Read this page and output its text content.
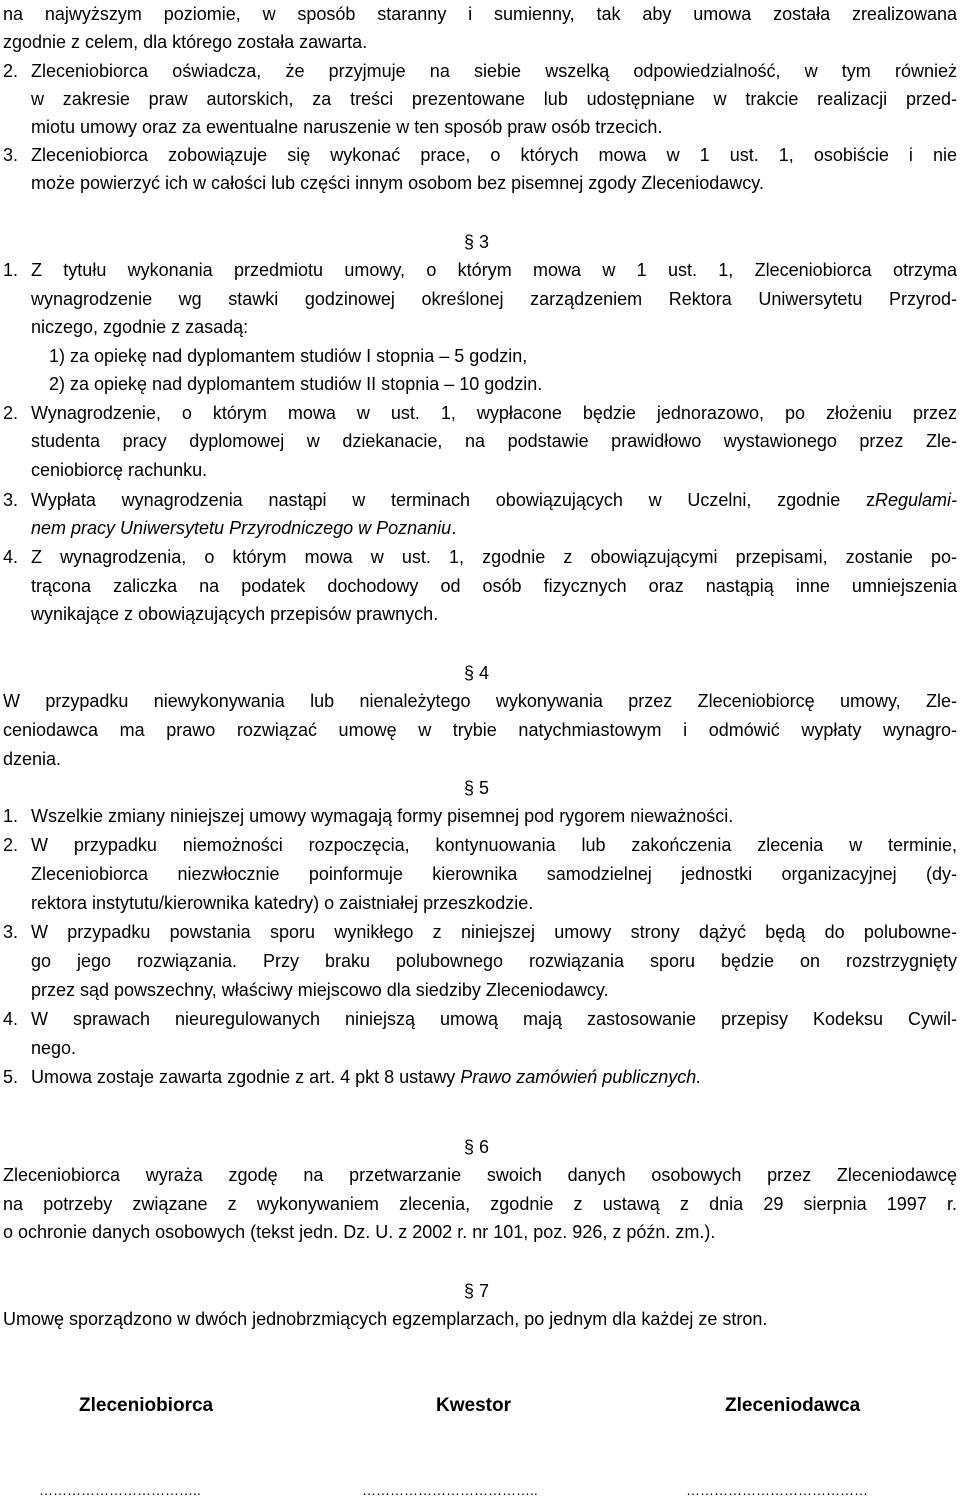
na najwyższym poziomie, w sposób staranny i sumienny, tak aby umowa została zrealizowana
zgodnie z celem, dla którego została zawarta.
2. Zleceniobiorca oświadcza, że przyjmuje na siebie wszelką odpowiedzialność, w tym również
w zakresie praw autorskich, za treści prezentowane lub udostępniane w trakcie realizacji przed-
miotu umowy oraz za ewentualne naruszenie w ten sposób praw osób trzecich.
3. Zleceniobiorca zobowiązuje się wykonać prace, o których mowa w 1 ust. 1, osobiście i nie
może powierzyć ich w całości lub części innym osobom bez pisemnej zgody Zleceniodawcy.
§ 3
1. Z tytułu wykonania przedmiotu umowy, o którym mowa w 1 ust. 1, Zleceniobiorca otrzyma
wynagrodzenie wg stawki godzinowej określonej zarządzeniem Rektora Uniwersytetu Przyrod-
niczego, zgodnie z zasadą:
1) za opiekę nad dyplomantem studiów I stopnia – 5 godzin,
2) za opiekę nad dyplomantem studiów II stopnia – 10 godzin.
2. Wynagrodzenie, o którym mowa w ust. 1, wypłacone będzie jednorazowo, po złożeniu przez
studenta pracy dyplomowej w dziekanacie, na podstawie prawidłowo wystawionego przez Zle-
ceniobiorcę rachunku.
3. Wypłata wynagrodzenia nastąpi w terminach obowiązujących w Uczelni, zgodnie z Regulami-
nem pracy Uniwersytetu Przyrodniczego w Poznaniu.
4. Z wynagrodzenia, o którym mowa w ust. 1, zgodnie z obowiązującymi przepisami, zostanie po-
trącona zaliczka na podatek dochodowy od osób fizycznych oraz nastąpią inne umniejszenia
wynikające z obowiązujących przepisów prawnych.
§ 4
W przypadku niewykonywania lub nienależytego wykonywania przez Zleceniobiorcę umowy, Zle-
ceniodawca ma prawo rozwiązać umowę w trybie natychmiastowym i odmówić wypłaty wynagro-
dzenia.
§ 5
1. Wszelkie zmiany niniejszej umowy wymagają formy pisemnej pod rygorem nieważności.
2. W przypadku niemożności rozpoczęcia, kontynuowania lub zakończenia zlecenia w terminie,
Zleceniobiorca niezwłocznie poinformuje kierownika samodzielnej jednostki organizacyjnej (dy-
rektora instytutu/kierownika katedry) o zaistniałej przeszkodzie.
3. W przypadku powstania sporu wynikłego z niniejszej umowy strony dążyć będą do polubowne-
go jego rozwiązania. Przy braku polubownego rozwiązania sporu będzie on rozstrzygnięty
przez sąd powszechny, właściwy miejscowo dla siedziby Zleceniodawcy.
4. W sprawach nieuregulowanych niniejszą umową mają zastosowanie przepisy Kodeksu Cywil-
nego.
5. Umowa zostaje zawarta zgodnie z art. 4 pkt 8 ustawy Prawo zamówień publicznych.
§ 6
Zleceniobiorca wyraża zgodę na przetwarzanie swoich danych osobowych przez Zleceniodawcę
na potrzeby związane z wykonywaniem zlecenia, zgodnie z ustawą z dnia 29 sierpnia 1997 r.
o ochronie danych osobowych (tekst jedn. Dz. U. z 2002 r. nr 101, poz. 926, z późn. zm.).
§ 7
Umowę sporządzono w dwóch jednobrzmiących egzemplarzach, po jednym dla każdej ze stron.
Zleceniobiorca	Kwestor	Zleceniodawca
……………………………..	………………………………..	…………………………………
